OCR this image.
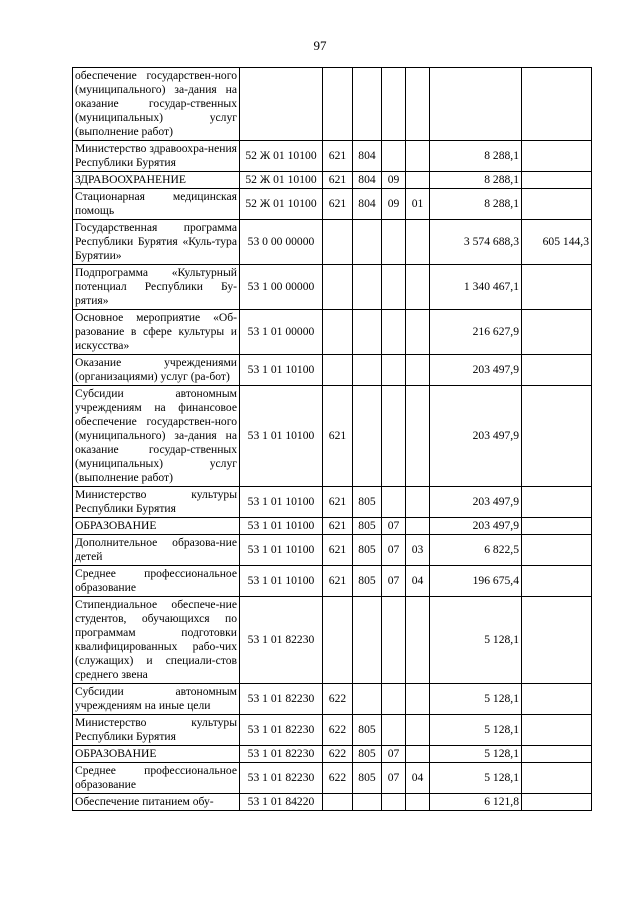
97
обеспечение государствен-ного (муниципального) за-дания на оказание государ-ственных (муниципальных) услуг (выполнение работ)							
Министерство здравоохра-нения Республики Бурятия	52 Ж 01 10100	621	804			8 288,1	
ЗДРАВООХРАНЕНИЕ	52 Ж 01 10100	621	804	09		8 288,1	
Стационарная медицинская помощь	52 Ж 01 10100	621	804	09	01	8 288,1	
Государственная программа Республики Бурятия «Куль-тура Бурятии»	53 0 00 00000					3 574 688,3	605 144,3
Подпрограмма «Культурный потенциал Республики Бу-рятия»	53 1 00 00000					1 340 467,1	
Основное мероприятие «Об-разование в сфере культуры и искусства»	53 1 01 00000					216 627,9	
Оказание учреждениями (организациями) услуг (ра-бот)	53 1 01 10100					203 497,9	
Субсидии автономным учреждениям на финансовое обеспечение государствен-ного (муниципального) за-дания на оказание государ-ственных (муниципальных) услуг (выполнение работ)	53 1 01 10100	621				203 497,9	
Министерство культуры Республики Бурятия	53 1 01 10100	621	805			203 497,9	
ОБРАЗОВАНИЕ	53 1 01 10100	621	805	07		203 497,9	
Дополнительное образова-ние детей	53 1 01 10100	621	805	07	03	6 822,5	
Среднее профессиональное образование	53 1 01 10100	621	805	07	04	196 675,4	
Стипендиальное обеспече-ние студентов, обучающихся по программам подготовки квалифицированных рабо-чих (служащих) и специали-стов среднего звена	53 1 01 82230					5 128,1	
Субсидии автономным учреждениям на иные цели	53 1 01 82230	622				5 128,1	
Министерство культуры Республики Бурятия	53 1 01 82230	622	805			5 128,1	
ОБРАЗОВАНИЕ	53 1 01 82230	622	805	07		5 128,1	
Среднее профессиональное образование	53 1 01 82230	622	805	07	04	5 128,1	
Обеспечение питанием обу-	53 1 01 84220					6 121,8	
